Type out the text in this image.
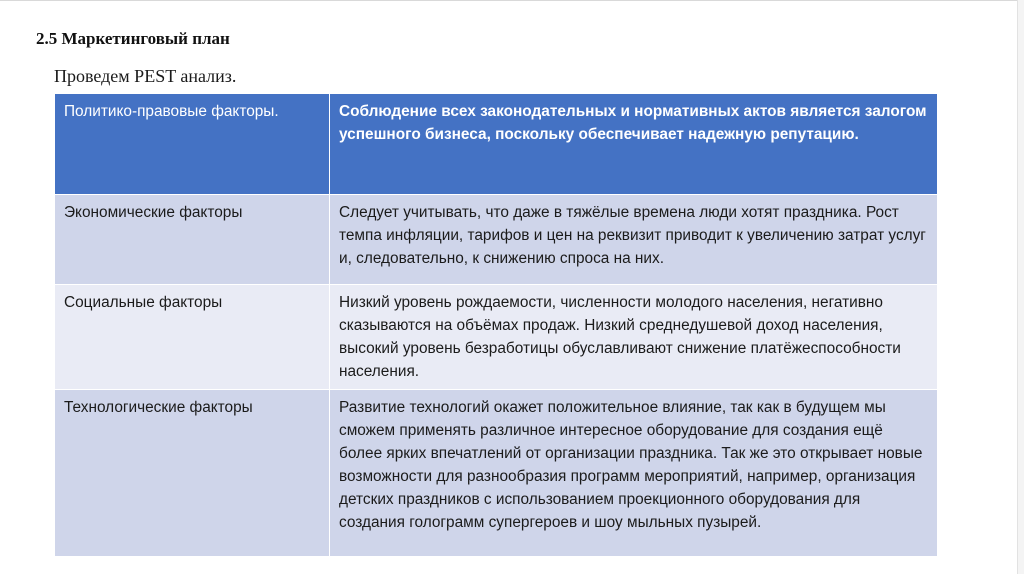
2.5 Маркетинговый план
Проведем PEST анализ.
Политико-правовые факторы.	Соблюдение всех законодательных и нормативных актов является залогом успешного бизнеса, поскольку обеспечивает надежную репутацию.
Экономические факторы	Следует учитывать, что даже в тяжёлые времена люди хотят праздника. Рост темпа инфляции, тарифов и цен на реквизит приводит к увеличению затрат услуг и, следовательно, к снижению спроса на них.
Социальные факторы	Низкий уровень рождаемости, численности молодого населения, негативно сказываются на объёмах продаж. Низкий среднедушевой доход населения, высокий уровень безработицы обуславливают снижение платёжеспособности населения.
Технологические факторы	Развитие технологий окажет положительное влияние, так как в будущем мы сможем применять различное интересное оборудование для создания ещё более ярких впечатлений от организации праздника. Так же это открывает новые возможности для разнообразия программ мероприятий, например, организация детских праздников с использованием проекционного оборудования для создания голограмм супергероев и шоу мыльных пузырей.
